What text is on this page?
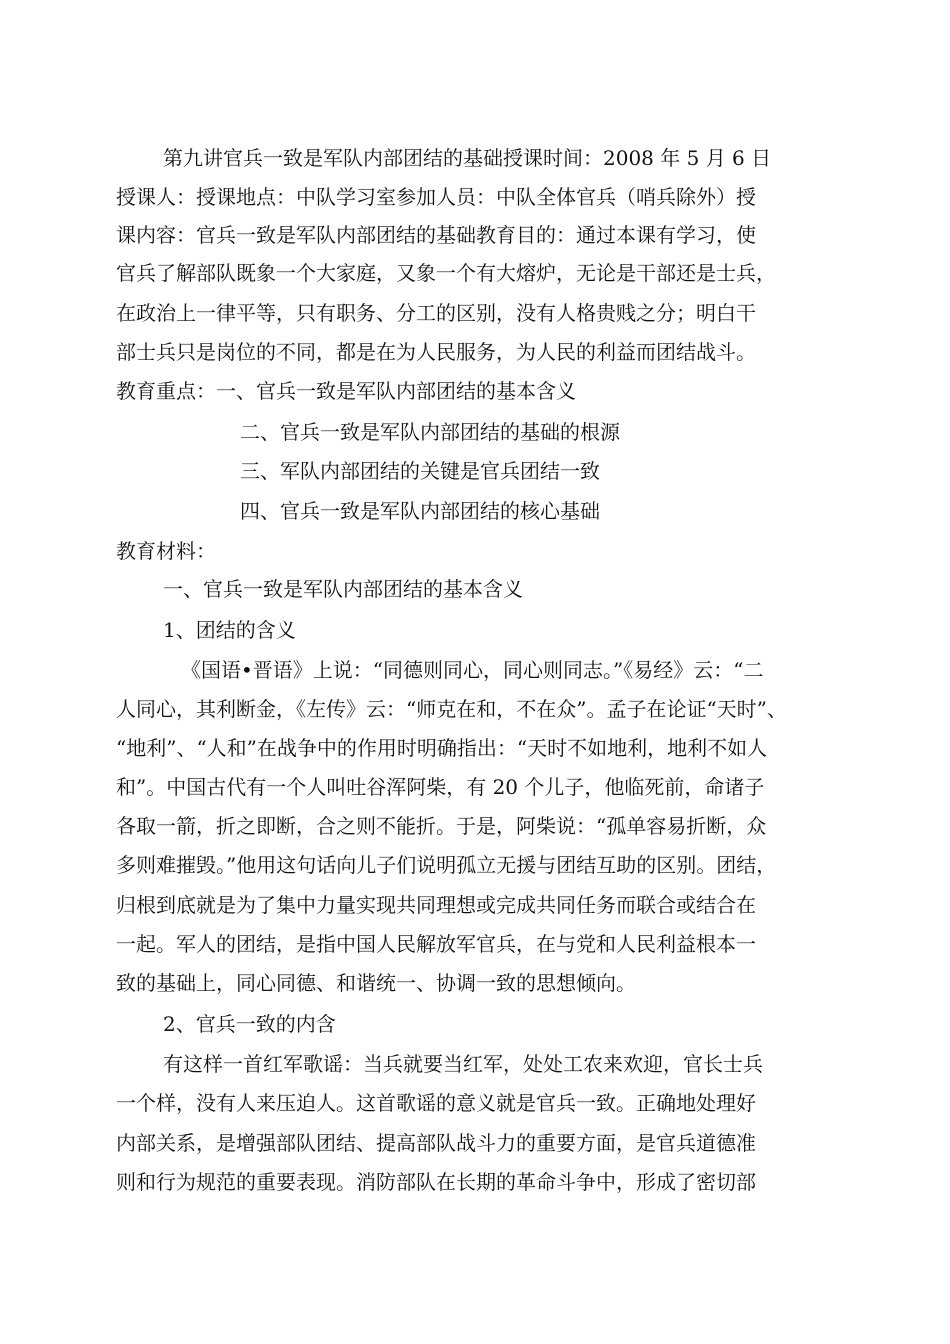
第九讲官兵一致是军队内部团结的基础授课时间：2008 年 5 月 6 日
授课人：授课地点：中队学习室参加人员：中队全体官兵（哨兵除外）授
课内容：官兵一致是军队内部团结的基础教育目的：通过本课有学习，使
官兵了解部队既象一个大家庭，又象一个有大熔炉，无论是干部还是士兵，
在政治上一律平等，只有职务、分工的区别，没有人格贵贱之分；明白干
部士兵只是岗位的不同，都是在为人民服务，为人民的利益而团结战斗。
教育重点：一、官兵一致是军队内部团结的基本含义
二、官兵一致是军队内部团结的基础的根源
三、军队内部团结的关键是官兵团结一致
四、官兵一致是军队内部团结的核心基础
教育材料：
一、官兵一致是军队内部团结的基本含义
1、团结的含义
《国语•晋语》上说：“同德则同心，同心则同志。”《易经》云：“二
人同心，其利断金，《左传》云：“师克在和，不在众”。孟子在论证“天时”、
“地利”、“人和”在战争中的作用时明确指出：“天时不如地利，地利不如人
和”。中国古代有一个人叫吐谷浑阿柴，有 20 个儿子，他临死前，命诸子
各取一箭，折之即断，合之则不能折。于是，阿柴说：“孤单容易折断，众
多则难摧毁。”他用这句话向儿子们说明孤立无援与团结互助的区别。团结，
归根到底就是为了集中力量实现共同理想或完成共同任务而联合或结合在
一起。军人的团结，是指中国人民解放军官兵，在与党和人民利益根本一
致的基础上，同心同德、和谐统一、协调一致的思想倾向。
2、官兵一致的内含
有这样一首红军歌谣：当兵就要当红军，处处工农来欢迎，官长士兵
一个样，没有人来压迫人。这首歌谣的意义就是官兵一致。正确地处理好
内部关系，是增强部队团结、提高部队战斗力的重要方面，是官兵道德准
则和行为规范的重要表现。消防部队在长期的革命斗争中，形成了密切部
